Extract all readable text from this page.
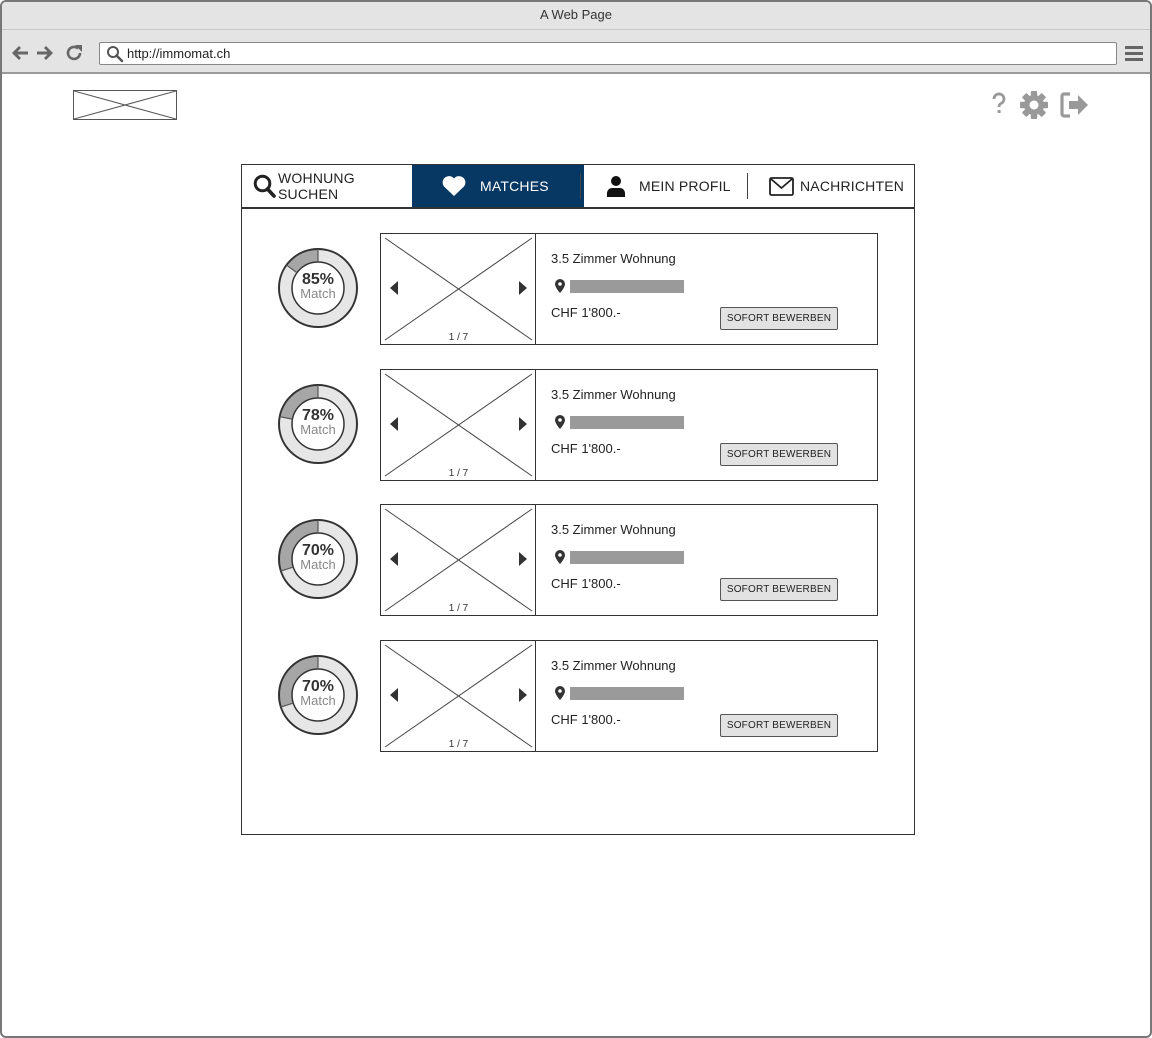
A Web Page
http://immomat.ch
WOHNUNG SUCHEN	MATCHES	MEIN PROFIL	NACHRICHTEN
85%
Match
1 / 7
3.5 Zimmer Wohnung
CHF 1'800.-	SOFORT BEWERBEN
78%
Match
1 / 7
3.5 Zimmer Wohnung
CHF 1'800.-	SOFORT BEWERBEN
70%
Match
1 / 7
3.5 Zimmer Wohnung
CHF 1'800.-	SOFORT BEWERBEN
70%
Match
1 / 7
3.5 Zimmer Wohnung
CHF 1'800.-	SOFORT BEWERBEN
